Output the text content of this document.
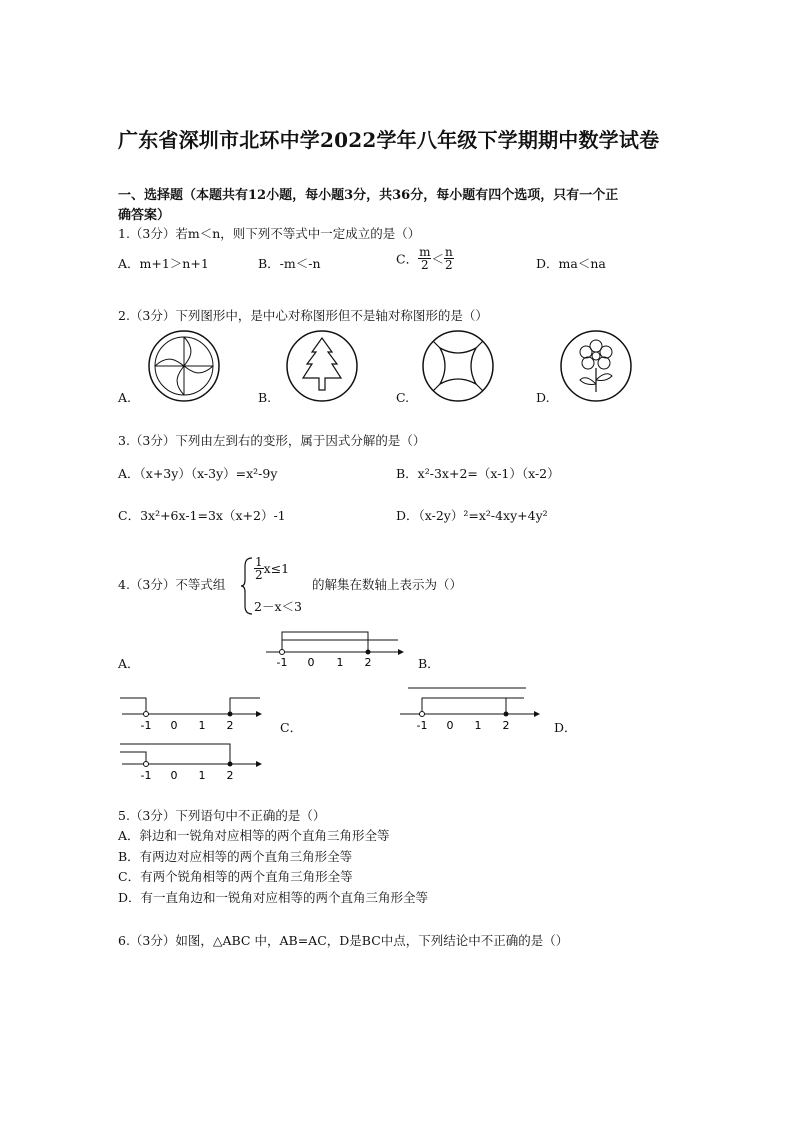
广东省深圳市北环中学2022学年八年级下学期期中数学试卷
一、选择题（本题共有12小题，每小题3分，共36分，每小题有四个选项，只有一个正
确答案）
1.（3分）若m＜n，则下列不等式中一定成立的是（）
A．m+1＞n+1	B．-m＜-n	C． $\frac{m}{2} < \frac{n}{2}$	D．ma＜na
2.（3分）下列图形中，是中心对称图形但不是轴对称图形的是（）
A.	B.	C.	D.
3.（3分）下列由左到右的变形，属于因式分解的是（）
A．（x+3y）（x-3y）=x²-9y	B．x²-3x+2=（x-1）（x-2）
C．3x²+6x-1=3x（x+2）-1	D．（x-2y）²=x²-4xy+4y²
4.（3分）不等式组
$\frac{1}{2} x\le 1$
2－x＜3
的解集在数轴上表示为（）
-1 0 1 2
A．	B．
-1 0 1 2	C．	-1 0 1 2	D．
-1 0 1 2
5.（3分）下列语句中不正确的是（）
A．斜边和一锐角对应相等的两个直角三角形全等
B．有两边对应相等的两个直角三角形全等
C．有两个锐角相等的两个直角三角形全等
D．有一直角边和一锐角对应相等的两个直角三角形全等
6.（3分）如图，△ABC 中，AB=AC，D是BC中点，下列结论中不正确的是（）
